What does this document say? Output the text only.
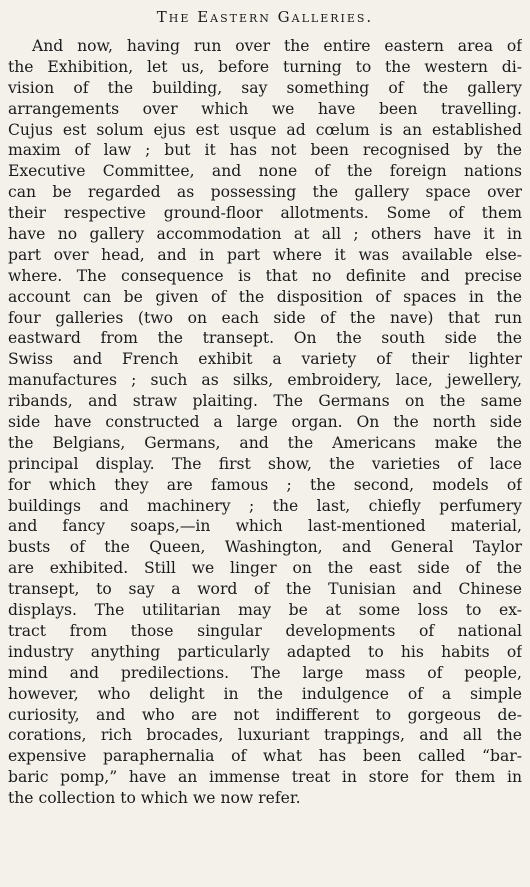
The Eastern Galleries.
And now, having run over the entire eastern area of
the Exhibition, let us, before turning to the western di-
vision of the building, say something of the gallery
arrangements over which we have been travelling.
Cujus est solum ejus est usque ad cœlum is an established
maxim of law ; but it has not been recognised by the
Executive Committee, and none of the foreign nations
can be regarded as possessing the gallery space over
their respective ground-floor allotments. Some of them
have no gallery accommodation at all ; others have it in
part over head, and in part where it was available else-
where. The consequence is that no definite and precise
account can be given of the disposition of spaces in the
four galleries (two on each side of the nave) that run
eastward from the transept. On the south side the
Swiss and French exhibit a variety of their lighter
manufactures ; such as silks, embroidery, lace, jewellery,
ribands, and straw plaiting. The Germans on the same
side have constructed a large organ. On the north side
the Belgians, Germans, and the Americans make the
principal display. The first show, the varieties of lace
for which they are famous ; the second, models of
buildings and machinery ; the last, chiefly perfumery
and fancy soaps,—in which last-mentioned material,
busts of the Queen, Washington, and General Taylor
are exhibited. Still we linger on the east side of the
transept, to say a word of the Tunisian and Chinese
displays. The utilitarian may be at some loss to ex-
tract from those singular developments of national
industry anything particularly adapted to his habits of
mind and predilections. The large mass of people,
however, who delight in the indulgence of a simple
curiosity, and who are not indifferent to gorgeous de-
corations, rich brocades, luxuriant trappings, and all the
expensive paraphernalia of what has been called “bar-
baric pomp,” have an immense treat in store for them in
the collection to which we now refer.
